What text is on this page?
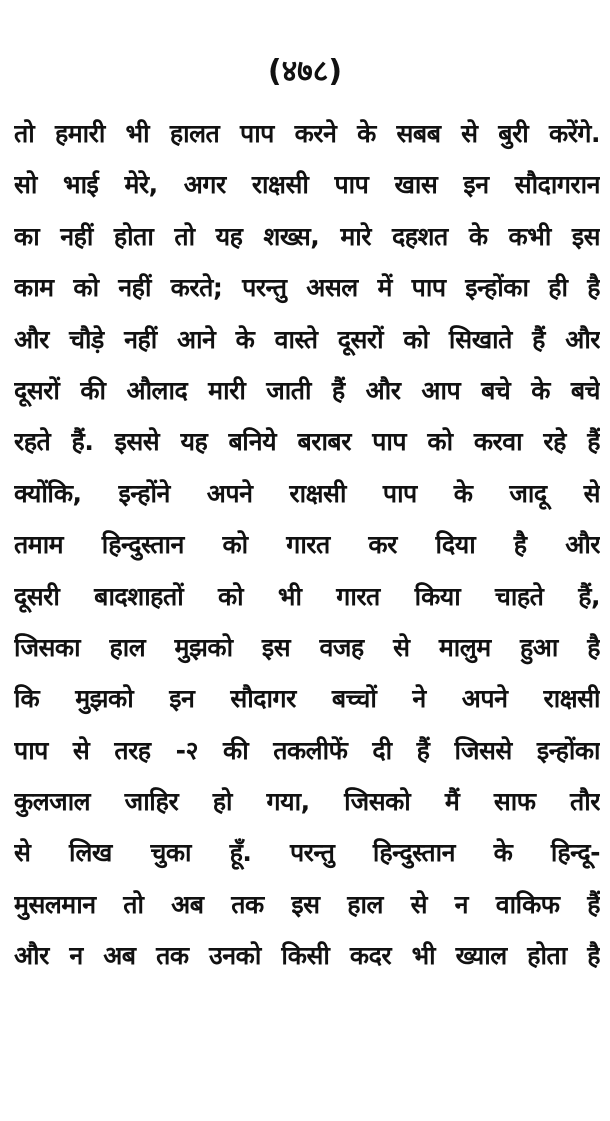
(४७८)
तो हमारी भी हालत पाप करने के सबब से बुरी करेंगे.
सो भाई मेरे, अगर राक्षसी पाप खास इन सौदागरान
का नहीं होता तो यह शख्स, मारे दहशत के कभी इस
काम को नहीं करते; परन्तु असल में पाप इन्होंका ही है
और चौड़े नहीं आने के वास्ते दूसरों को सिखाते हैं और
दूसरों की औलाद मारी जाती हैं और आप बचे के बचे
रहते हैं. इससे यह बनिये बराबर पाप को करवा रहे हैं
क्योंकि, इन्होंने अपने राक्षसी पाप के जादू से
तमाम हिन्दुस्तान को गारत कर दिया है और
दूसरी बादशाहतों को भी गारत किया चाहते हैं,
जिसका हाल मुझको इस वजह से मालुम हुआ है
कि मुझको इन सौदागर बच्चों ने अपने राक्षसी
पाप से तरह -२ की तकलीफें दी हैं जिससे इन्होंका
कुलजाल जाहिर हो गया, जिसको मैं साफ तौर
से लिख चुका हूँ. परन्तु हिन्दुस्तान के हिन्दू-
मुसलमान तो अब तक इस हाल से न वाकिफ हैं
और न अब तक उनको किसी कदर भी ख्याल होता है
